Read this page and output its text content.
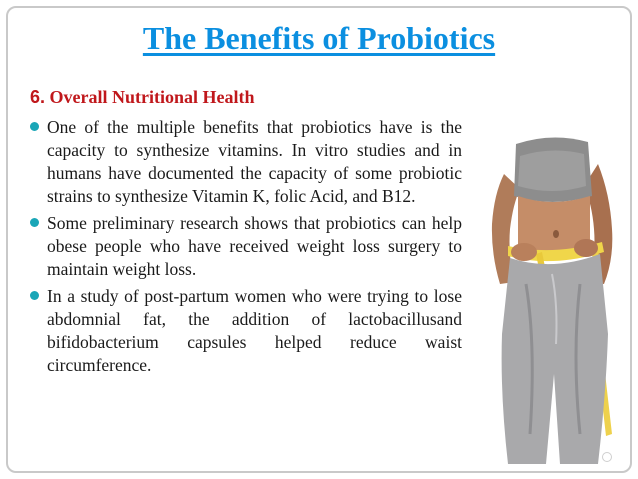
The Benefits of Probiotics
6. Overall Nutritional Health
One of the multiple benefits that probiotics have is the capacity to synthesize vitamins. In vitro studies and in humans have documented the capacity of some probiotic strains to synthesize Vitamin K, folic Acid, and B12.
Some preliminary research shows that probiotics can help obese people who have received weight loss surgery to maintain weight loss.
In a study of post-partum women who were trying to lose abdomnial fat, the addition of lactobacillusand bifidobacterium capsules helped reduce waist circumference.
